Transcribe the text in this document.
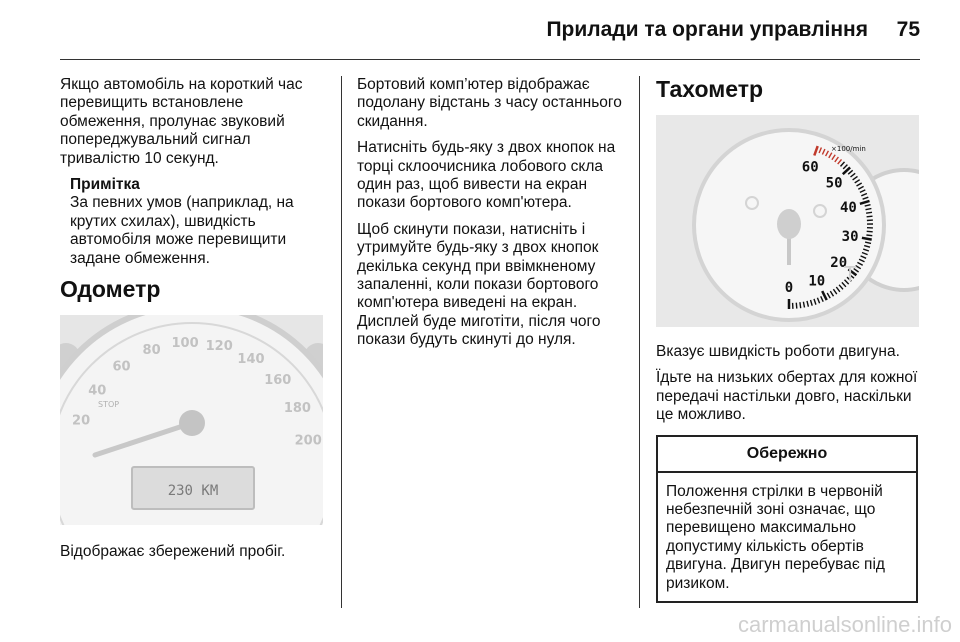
Прилади та органи управління 75

Якщо автомобіль на короткий час перевищить встановлене обмеження, пролунає звуковий попереджувальний сигнал тривалістю 10 секунд.

Примітка

За певних умов (наприклад, на крутих схилах), швидкість автомобіля може перевищити задане обмеження.

Одометр
20
40
60
80 100 120
140
160
180
200
230 KM
STOP

Відображає збережений пробіг.

Бортовий комп’ютер відображає подолану відстань з часу останнього скидання.

Натисніть будь-яку з двох кнопок на торці склоочисника лобового скла один раз, щоб вивести на екран покази бортового комп'ютера.

Щоб скинути покази, натисніть і утримуйте будь-яку з двох кнопок декілька секунд при ввімкненому запаленні, коли покази бортового комп'ютера виведені на екран. Дисплей буде миготіти, після чого покази будуть скинуті до нуля.

Тахометр
0 10
20
30
40
50
60
×100/min
T

Вказує швидкість роботи двигуна.

Їдьте на низьких обертах для кожної передачі настільки довго, наскільки це можливо.

Обережно
Положення стрілки в червоній небезпечній зоні означає, що перевищено максимально допустиму кількість обертів двигуна. Двигун перебуває під ризиком.
carmanualsonline.info
